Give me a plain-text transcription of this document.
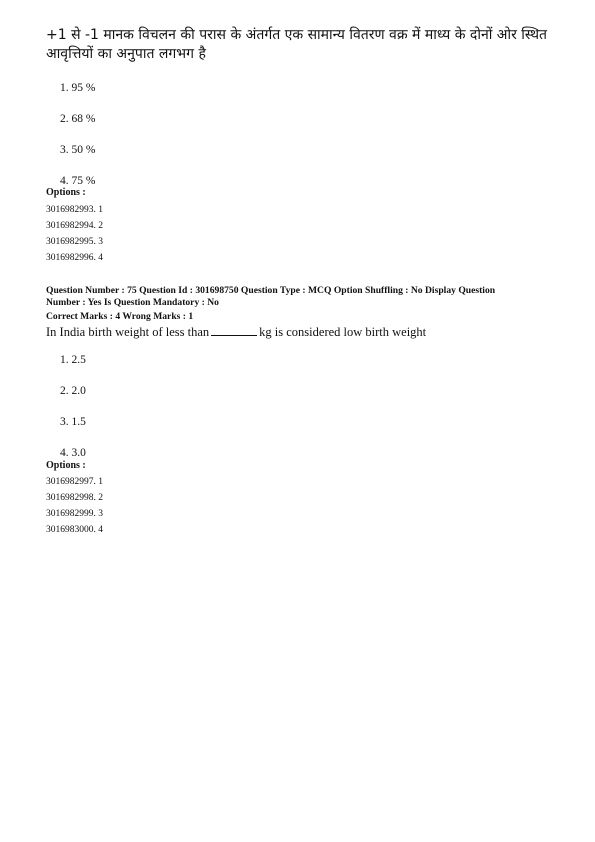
+1 से -1 मानक विचलन की परास के अंतर्गत एक सामान्य वितरण वक्र में माध्य के दोनों ओर स्थित
आवृत्तियों का अनुपात लगभग है
1. 95 %
2. 68 %
3. 50 %
4. 75 %
Options :
3016982993. 1
3016982994. 2
3016982995. 3
3016982996. 4
Question Number : 75 Question Id : 301698750 Question Type : MCQ Option Shuffling : No Display Question
Number : Yes Is Question Mandatory : No
Correct Marks : 4 Wrong Marks : 1
In India birth weight of less than	kg is considered low birth weight
1. 2.5
2. 2.0
3. 1.5
4. 3.0
Options :
3016982997. 1
3016982998. 2
3016982999. 3
3016983000. 4
